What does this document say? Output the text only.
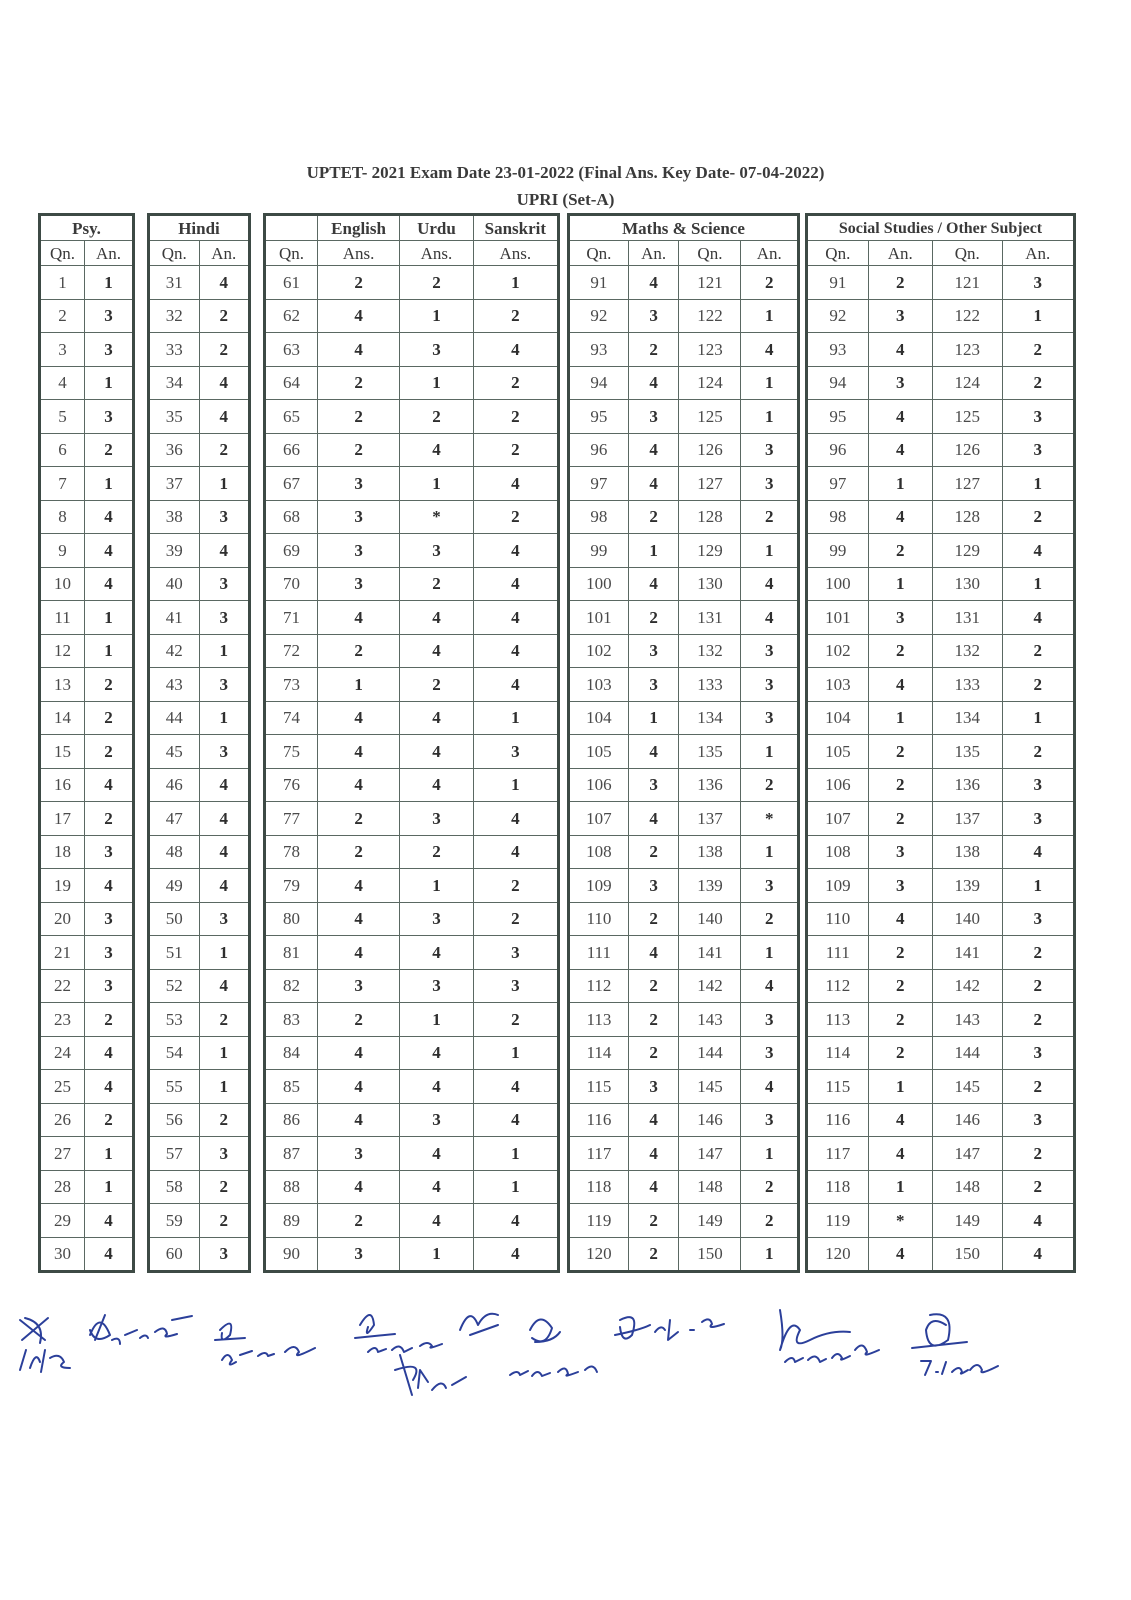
UPTET- 2021 Exam Date 23-01-2022 (Final Ans. Key Date- 07-04-2022)
UPRI (Set-A)
Psy.	
Qn.	An.
1	1
2	3
3	3
4	1
5	3
6	2
7	1
8	4
9	4
10	4
11	1
12	1
13	2
14	2
15	2
16	4
17	2
18	3
19	4
20	3
21	3
22	3
23	2
24	4
25	4
26	2
27	1
28	1
29	4
30	4
Hindi	
Qn.	An.
31	4
32	2
33	2
34	4
35	4
36	2
37	1
38	3
39	4
40	3
41	3
42	1
43	3
44	1
45	3
46	4
47	4
48	4
49	4
50	3
51	1
52	4
53	2
54	1
55	1
56	2
57	3
58	2
59	2
60	3
	English	Urdu	Sanskrit
Qn.	Ans.	Ans.	Ans.
61	2	2	1
62	4	1	2
63	4	3	4
64	2	1	2
65	2	2	2
66	2	4	2
67	3	1	4
68	3	*	2
69	3	3	4
70	3	2	4
71	4	4	4
72	2	4	4
73	1	2	4
74	4	4	1
75	4	4	3
76	4	4	1
77	2	3	4
78	2	2	4
79	4	1	2
80	4	3	2
81	4	4	3
82	3	3	3
83	2	1	2
84	4	4	1
85	4	4	4
86	4	3	4
87	3	4	1
88	4	4	1
89	2	4	4
90	3	1	4
Maths & Science			
Qn.	An.	Qn.	An.
91	4	121	2
92	3	122	1
93	2	123	4
94	4	124	1
95	3	125	1
96	4	126	3
97	4	127	3
98	2	128	2
99	1	129	1
100	4	130	4
101	2	131	4
102	3	132	3
103	3	133	3
104	1	134	3
105	4	135	1
106	3	136	2
107	4	137	*
108	2	138	1
109	3	139	3
110	2	140	2
111	4	141	1
112	2	142	4
113	2	143	3
114	2	144	3
115	3	145	4
116	4	146	3
117	4	147	1
118	4	148	2
119	2	149	2
120	2	150	1
Social Studies / Other Subject			
Qn.	An.	Qn.	An.
91	2	121	3
92	3	122	1
93	4	123	2
94	3	124	2
95	4	125	3
96	4	126	3
97	1	127	1
98	4	128	2
99	2	129	4
100	1	130	1
101	3	131	4
102	2	132	2
103	4	133	2
104	1	134	1
105	2	135	2
106	2	136	3
107	2	137	3
108	3	138	4
109	3	139	1
110	4	140	3
111	2	141	2
112	2	142	2
113	2	143	2
114	2	144	3
115	1	145	2
116	4	146	3
117	4	147	2
118	1	148	2
119	*	149	4
120	4	150	4
